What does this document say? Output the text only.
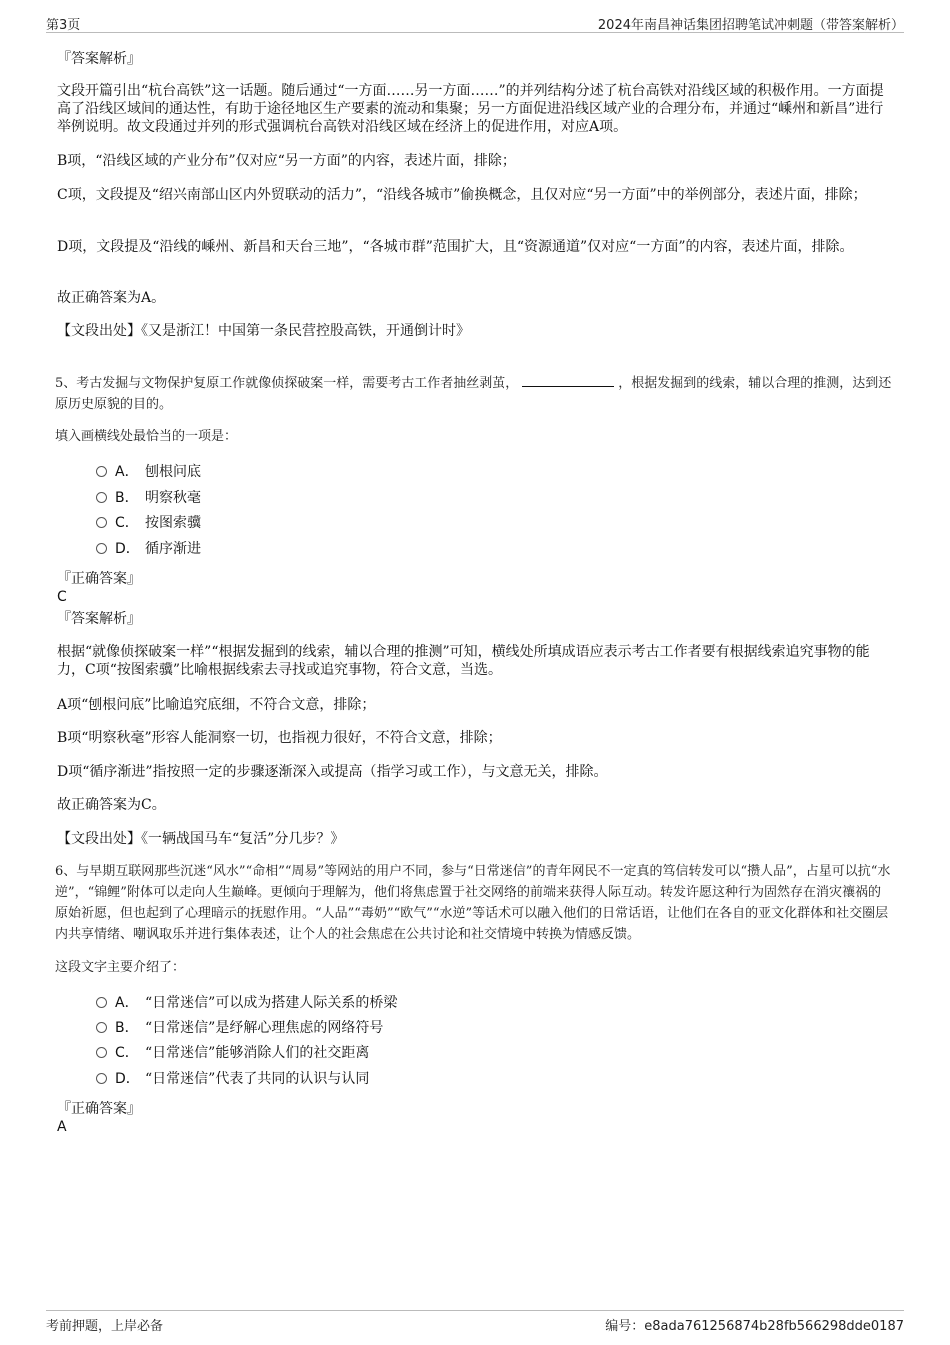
第3页	2024年南昌神话集团招聘笔试冲刺题（带答案解析）
『答案解析』
文段开篇引出“杭台高铁”这一话题。随后通过“一方面……另一方面……”的并列结构分述了杭台高铁对沿线区域的积极作用。一方面提高了沿线区域间的通达性，有助于途径地区生产要素的流动和集聚；另一方面促进沿线区域产业的合理分布，并通过“嵊州和新昌”进行举例说明。故文段通过并列的形式强调杭台高铁对沿线区域在经济上的促进作用，对应A项。
B项，“沿线区域的产业分布”仅对应“另一方面”的内容，表述片面，排除；
C项，文段提及“绍兴南部山区内外贸联动的活力”，“沿线各城市”偷换概念，且仅对应“另一方面”中的举例部分，表述片面，排除；
D项，文段提及“沿线的嵊州、新昌和天台三地”，“各城市群”范围扩大，且“资源通道”仅对应“一方面”的内容，表述片面，排除。
故正确答案为A。
【文段出处】《又是浙江！中国第一条民营控股高铁，开通倒计时》
5、考古发掘与文物保护复原工作就像侦探破案一样，需要考古工作者抽丝剥茧，	，根据发掘到的线索，辅以合理的推测，达到还原历史原貌的目的。
填入画横线处最恰当的一项是：
A． 刨根问底
B． 明察秋毫
C． 按图索骥
D． 循序渐进
『正确答案』
C
『答案解析』
根据“就像侦探破案一样”“根据发掘到的线索，辅以合理的推测”可知，横线处所填成语应表示考古工作者要有根据线索追究事物的能力，C项“按图索骥”比喻根据线索去寻找或追究事物，符合文意，当选。
A项“刨根问底”比喻追究底细，不符合文意，排除；
B项“明察秋毫”形容人能洞察一切，也指视力很好，不符合文意，排除；
D项“循序渐进”指按照一定的步骤逐渐深入或提高（指学习或工作），与文意无关，排除。
故正确答案为C。
【文段出处】《一辆战国马车“复活”分几步？》
6、与早期互联网那些沉迷“风水”“命相”“周易”等网站的用户不同，参与“日常迷信”的青年网民不一定真的笃信转发可以“攒人品”，占星可以抗“水逆”，“锦鲤”附体可以走向人生巅峰。更倾向于理解为，他们将焦虑置于社交网络的前端来获得人际互动。转发许愿这种行为固然存在消灾禳祸的原始祈愿，但也起到了心理暗示的抚慰作用。“人品”“毒奶”“欧气”“水逆”等话术可以融入他们的日常话语，让他们在各自的亚文化群体和社交圈层内共享情绪、嘲讽取乐并进行集体表述，让个人的社会焦虑在公共讨论和社交情境中转换为情感反馈。
这段文字主要介绍了：
A． “日常迷信”可以成为搭建人际关系的桥梁
B． “日常迷信”是纾解心理焦虑的网络符号
C． “日常迷信”能够消除人们的社交距离
D． “日常迷信”代表了共同的认识与认同
『正确答案』
A
考前押题，上岸必备	编号：e8ada761256874b28fb566298dde0187
